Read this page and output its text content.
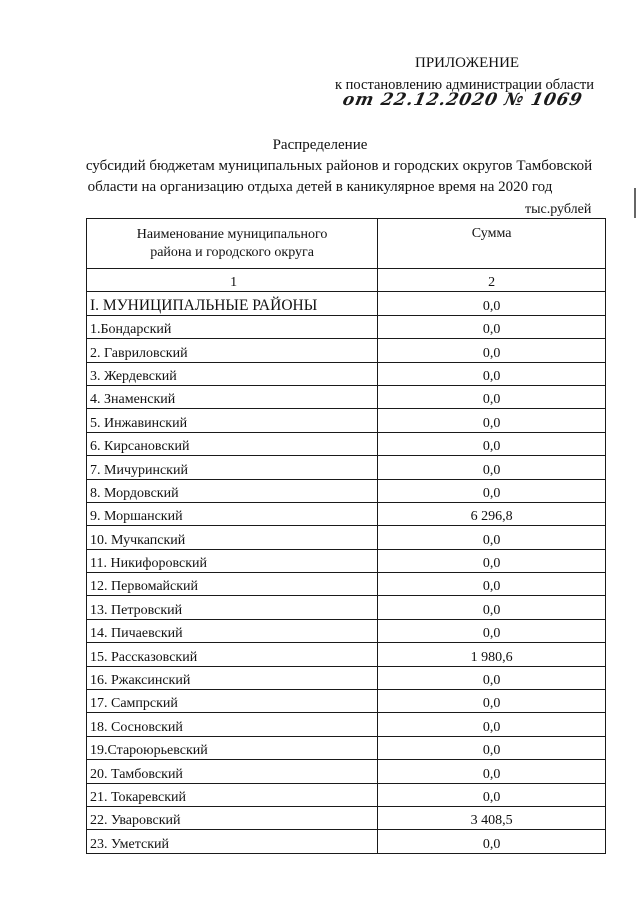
ПРИЛОЖЕНИЕ
к постановлению администрации области
от 22.12.2020 № 1069
Распределение
субсидий бюджетам муниципальных районов и городских округов Тамбовской
области на организацию отдыха детей в каникулярное время на 2020 год
тыс.рублей
Наименование муниципального
района и городского округа	Сумма
1	2
I. МУНИЦИПАЛЬНЫЕ РАЙОНЫ	0,0
1.Бондарский	0,0
2. Гавриловский	0,0
3. Жердевский	0,0
4. Знаменский	0,0
5. Инжавинский	0,0
6. Кирсановский	0,0
7. Мичуринский	0,0
8. Мордовский	0,0
9. Моршанский	6 296,8
10. Мучкапский	0,0
11. Никифоровский	0,0
12. Первомайский	0,0
13. Петровский	0,0
14. Пичаевский	0,0
15. Рассказовский	1 980,6
16. Ржаксинский	0,0
17. Сампрский	0,0
18. Сосновский	0,0
19.Староюрьевский	0,0
20. Тамбовский	0,0
21. Токаревский	0,0
22. Уваровский	3 408,5
23. Уметский	0,0
